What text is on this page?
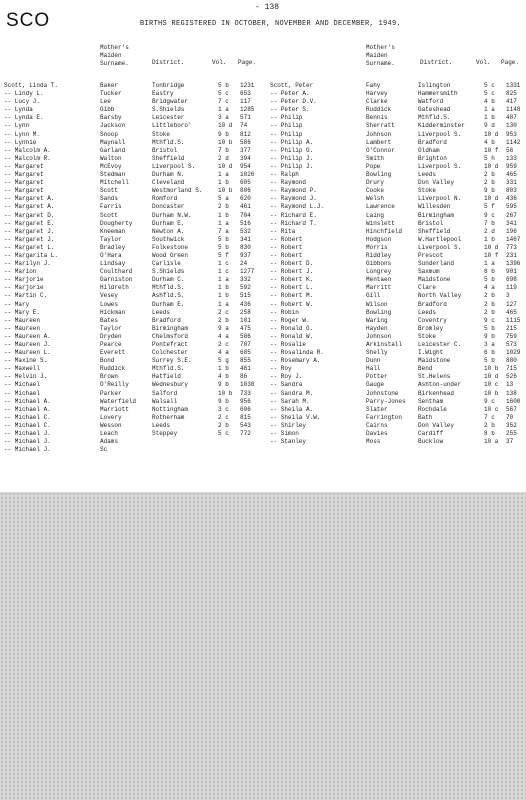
SCO
- 138
BIRTHS REGISTERED IN OCTOBER, NOVEMBER AND DECEMBER, 1949.
Mother's
Maiden
Surname.	District.	Vol. Page.
Mother's
Maiden
Surname.	District.	Vol. Page.
Scott, Linda T.	Baker	Tonbridge	5 b	1231
-- Lindy L.	Tucker	Eastry	5 c	653
-- Lucy J.	Lee	Bridgwater	7 c	117
-- Lynda	Gibb	S.Shields	1 a	1285
-- Lynda E.	Barsby	Leicester	3 a	571
-- Lynn	Jackson	Littleboro'	10 d	74
-- Lynn M.	Snoop	Stoke	9 b	812
-- Lynnie	Maynall	Mthfld.S.	10 b	586
-- Malcolm A.	Garland	Bristol	7 b	377
-- Malcolm R.	Walton	Sheffield	2 d	394
-- Margaret	McEvoy	Liverpool S.	10 d	954
-- Margaret	Stedman	Durham N.	1 a	1026
-- Margaret	Mitchell	Cleveland	1 b	605
-- Margaret	Scott	Westmorland S.	10 b	806
-- Margaret A.	Sands	Romford	5 a	620
-- Margaret A.	Farris	Doncaster	2 b	461
-- Margaret D.	Scott	Durham N.W.	1 b	704
-- Margaret E.	Dougherty	Durham E.	1 a	516
-- Margaret J.	Kneeman	Newton A.	7 a	532
-- Margaret J.	Taylor	Southwick	5 b	341
-- Margaret L.	Bradley	Folkestone	5 b	830
-- Margarita L.	O'Hara	Wood Green	5 f	937
-- Marilyn J.	Lindsay	Carlisle	1 c	24
-- Marion	Coulthard	S.Shields	1 c	1277
-- Marjorie	Garniston	Durham C.	1 a	332
-- Marjorie	Hildreth	Mthfld.S.	1 b	592
-- Martin C.	Vesey	Ashfld.S.	1 b	515
-- Mary	Lowes	Durham E.	1 a	436
-- Mary E.	Hickman	Leeds	2 c	258
-- Maureen	Bates	Bradford	2 b	101
-- Maureen	Taylor	Birmingham	9 a	475
-- Maureen A.	Dryden	Chelmsford	4 a	586
-- Maureen J.	Pearce	Pontefract	2 c	707
-- Maureen L.	Everett	Colchester	4 a	685
-- Maxine S.	Bond	Surrey S.E.	5 g	855
-- Maxwell	Ruddick	Mthfld.S.	1 b	461
-- Melvin J.	Brown	Hatfield	4 b	86
-- Michael	O'Reilly	Wednesbury	9 b	1038
-- Michael	Parker	Salford	10 b	733
-- Michael A.	Waterfield	Walsall	9 b	956
-- Michael A.	Marriott	Nottingham	3 c	606
-- Michael C.	Lovery	Rotherham	2 c	815
-- Michael C.	Wesson	Leeds	2 b	543
-- Michael J.	Leach	Steppey	5 c	772
-- Michael J.	Adams
-- Michael J.	Sc
Scott, Peter	Fahy	Islington	5 c	1331
-- Peter A.	Harvey	Hammersmith	5 c	825
-- Peter D.V.	Clarke	Watford	4 b	417
-- Peter S.	Ruddick	Gateshead	1 a	1148
-- Philip	Bennis	Mthfld.S.	1 b	487
-- Philip	Sherratt	Kidderminster	9 d	130
-- Philip	Johnson	Liverpool S.	10 d	953
-- Philip A.	Lambert	Bradford	4 b	1142
-- Philip G.	O'Connor	Oldham	10 f	56
-- Philip J.	Smith	Brighton	5 h	133
-- Philip J.	Pope	Liverpool S.	10 d	959
-- Ralph	Bowling	Leeds	2 b	465
-- Raymond	Drury	Don Valley	2 b	331
-- Raymond P.	Cooke	Stoke	9 b	803
-- Raymond J.	Welsh	Liverpool N.	10 d	436
-- Raymond L.J.	Lawrence	Willesden	5 f	595
-- Richard E.	Laing	Birmingham	9 c	267
-- Richard T.	Winslett	Bristol	7 b	341
-- Rita	Hinchfield	Sheffield	2 d	196
-- Robert	Hodgson	W.Hartlepool	1 b	1467
-- Robert	Morris	Liverpool S.	10 d	773
-- Robert	Riddley	Prescot	10 f	231
-- Robert D.	Gibbons	Sunderland	1 a	1396
-- Robert J.	Longrey	Saxmum	8 b	901
-- Robert K.	Mentaen	Maidstone	5 b	698
-- Robert L.	Marritt	Clare	4 a	119
-- Robert M.	Gill	North Valley	2 b	3
-- Robert W.	Wilson	Bradford	2 b	127
-- Robin	Bowling	Leeds	2 b	465
-- Roger W.	Waring	Coventry	9 c	1115
-- Ronald G.	Hayden	Bromley	5 b	215
-- Ronald W.	Johnson	Stoke	9 b	759
-- Rosalie	Arkinstall	Leicester C.	3 a	573
-- Rosalinda R.	Shelly	I.Wight	6 b	1029
-- Rosemary A.	Dunn	Maidstone	5 b	880
-- Roy	Hall	Bend	10 b	715
-- Roy J.	Potter	St.Helens	10 d	526
-- Sandra	Gauge	Ashton-under	10 c	13
-- Sandra M.	Johnstone	Birkenhead	10 b	138
-- Sarah M.	Parry-Jones	Sentham	9 c	1600
-- Sheila A.	Slater	Rochdale	10 c	567
-- Sheila V.W.	Farrington	Bath	7 c	70
-- Shirley	Cairns	Don Valley	2 b	352
-- Simon	Davies	Cardiff	8 b	255
-- Stanley	Moss	Bucklow	10 a	37
